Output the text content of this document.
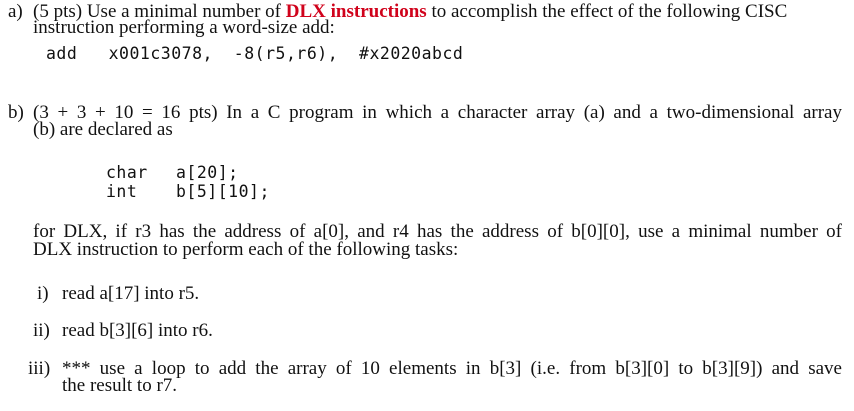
a) (5 pts) Use a minimal number of DLX instructions to accomplish the effect of the following CISC
instruction performing a word-size add:
add   x001c3078,  -8(r5,r6),  #x2020abcd
b) (3 + 3 + 10 = 16 pts) In a C program in which a character array (a) and a two-dimensional array
(b) are declared as
char a[20];
int b[5][10];
for DLX, if r3 has the address of a[0], and r4 has the address of b[0][0], use a minimal number of
DLX instruction to perform each of the following tasks:
i) read a[17] into r5.
ii) read b[3][6] into r6.
iii) *** use a loop to add the array of 10 elements in b[3] (i.e. from b[3][0] to b[3][9]) and save
the result to r7.
